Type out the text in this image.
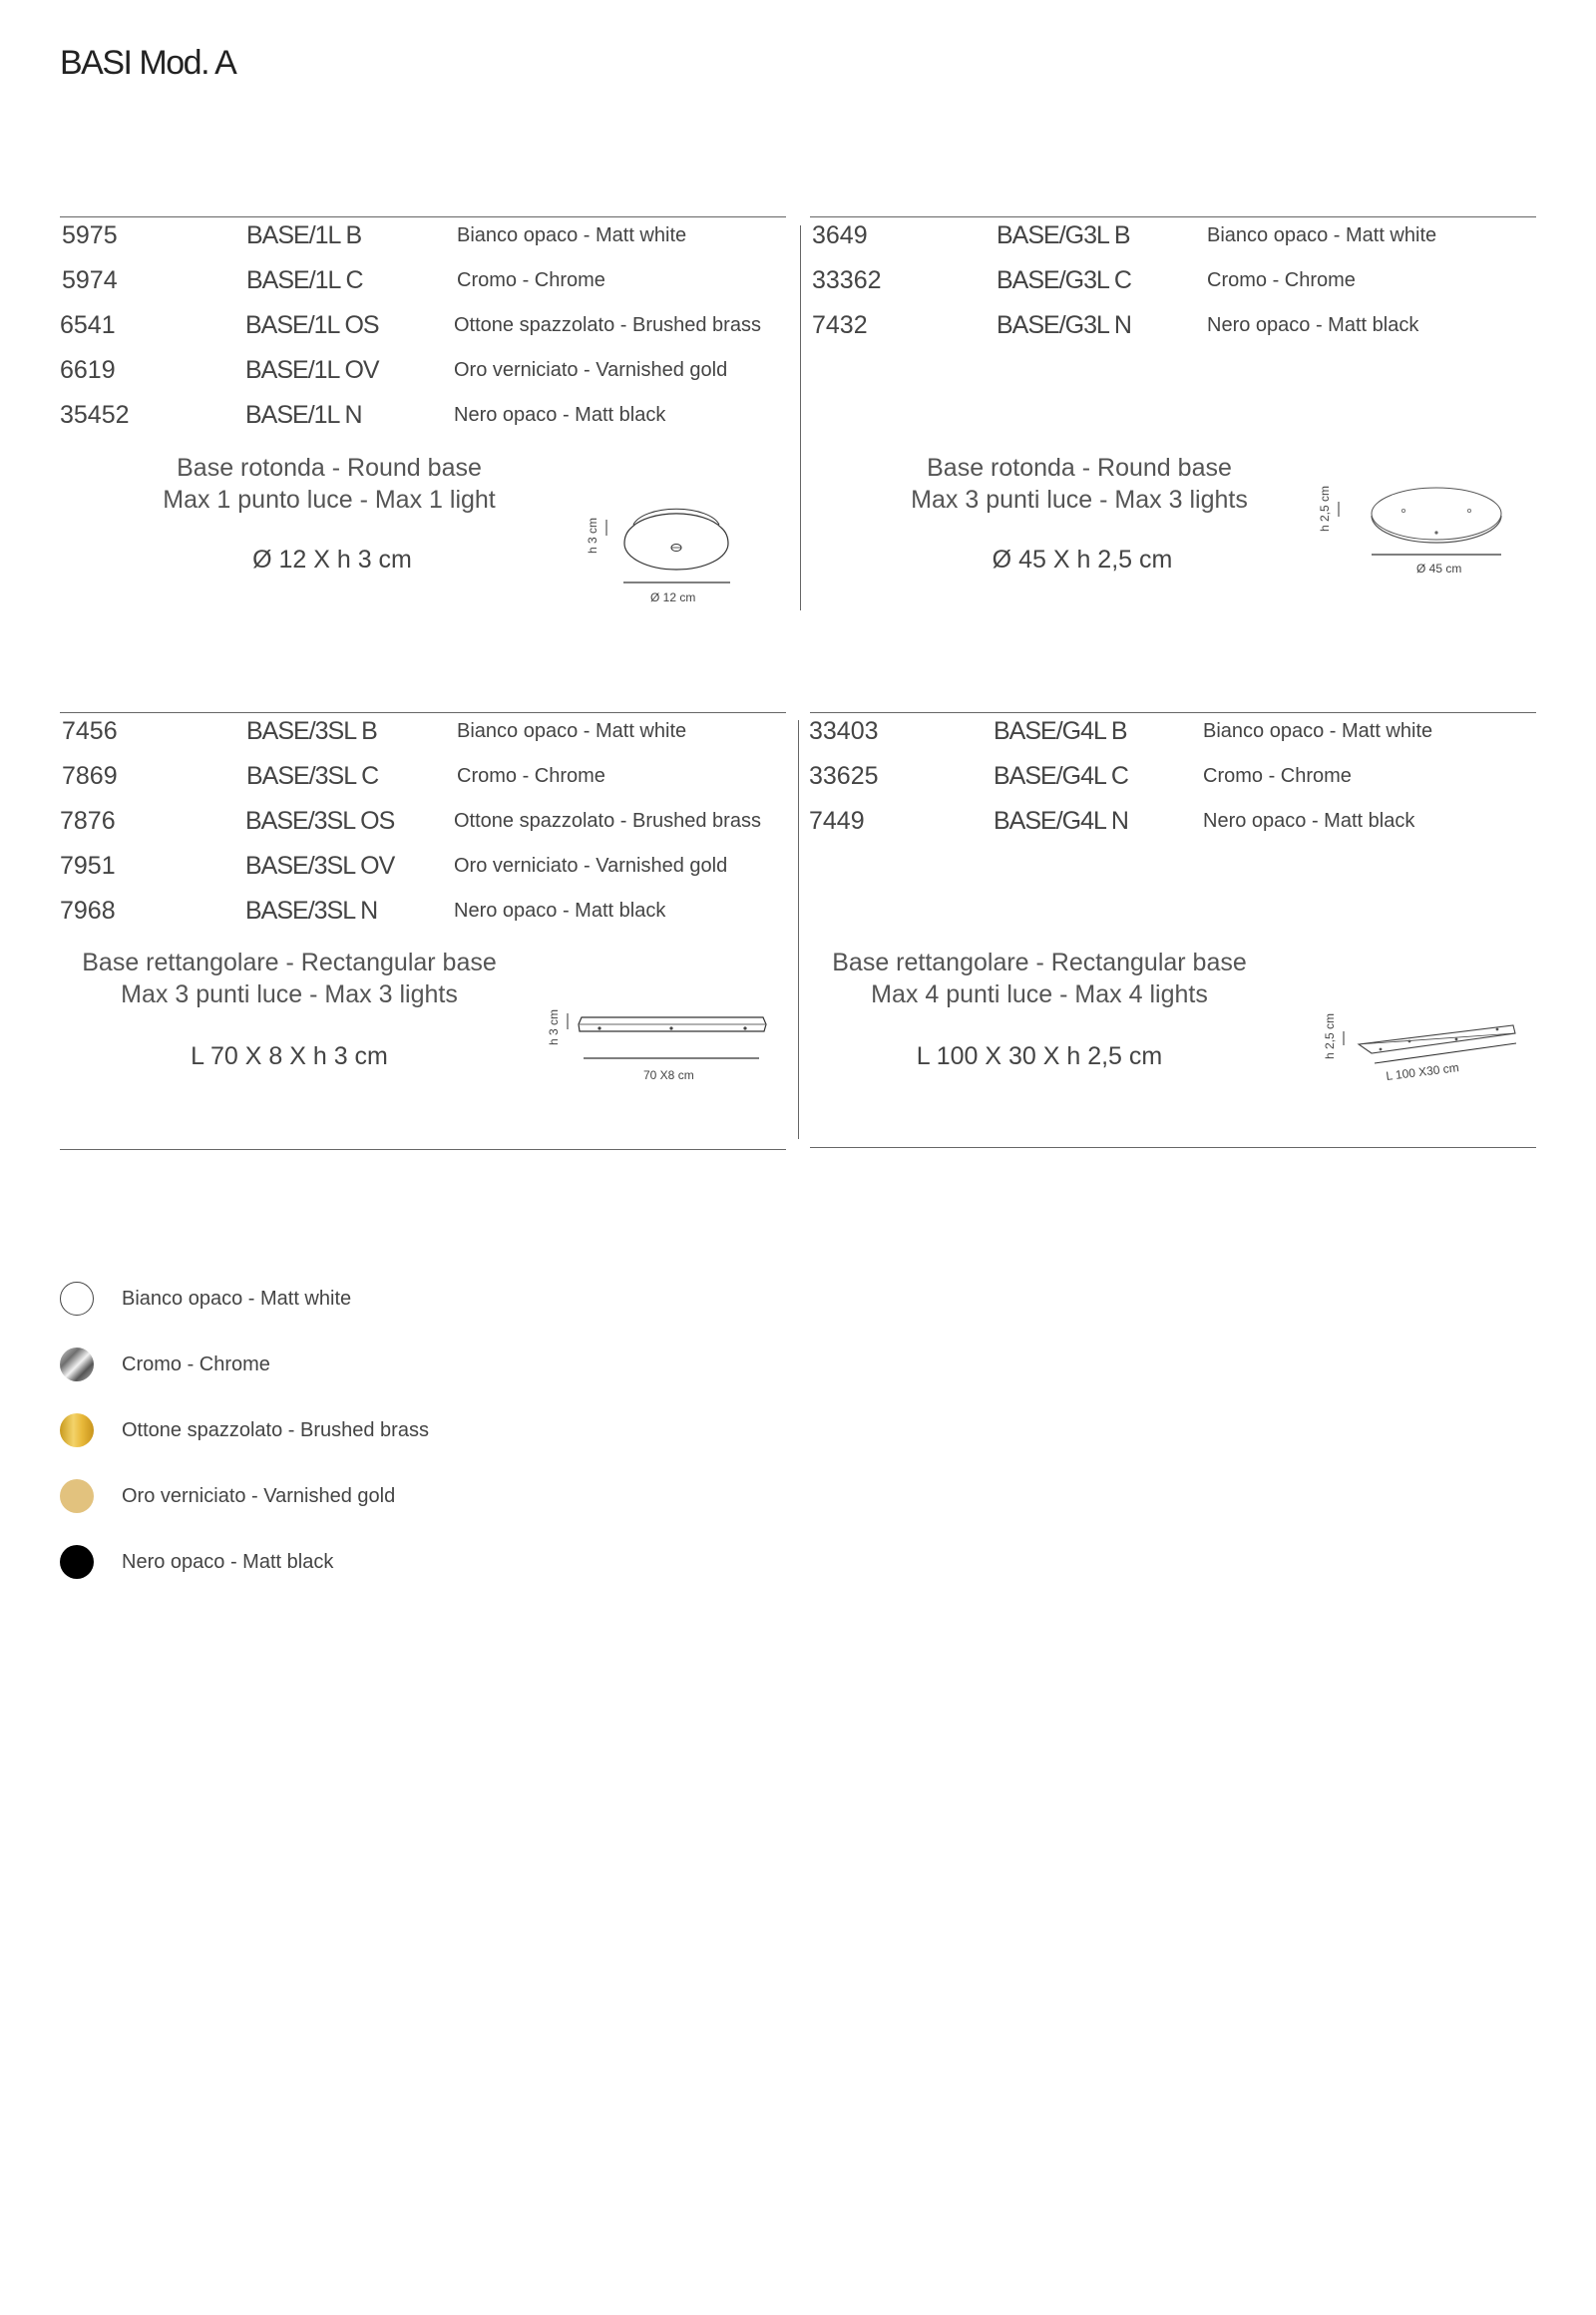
BASI Mod. A
5975	BASE/1L B	Bianco opaco - Matt white
5974	BASE/1L C	Cromo - Chrome
6541	BASE/1L OS	Ottone spazzolato - Brushed brass
6619	BASE/1L OV	Oro verniciato - Varnished gold
35452	BASE/1L N	Nero opaco - Matt black
Base rotonda - Round base
Max 1 punto luce - Max 1 light
Ø 12 X h 3 cm
h 3 cm
Ø 12 cm
3649	BASE/G3L B	Bianco opaco - Matt white
33362	BASE/G3L C	Cromo - Chrome
7432	BASE/G3L N	Nero opaco - Matt black
Base rotonda - Round base
Max 3 punti luce - Max 3 lights
Ø 45 X h 2,5 cm
h 2,5 cm
Ø 45 cm
7456	BASE/3SL B	Bianco opaco - Matt white
7869	BASE/3SL C	Cromo - Chrome
7876	BASE/3SL OS	Ottone spazzolato - Brushed brass
7951	BASE/3SL OV	Oro verniciato - Varnished gold
7968	BASE/3SL N	Nero opaco - Matt black
Base rettangolare - Rectangular base
Max 3 punti luce - Max 3 lights
L 70 X 8 X h 3 cm
h 3 cm
70 X8 cm
33403	BASE/G4L B	Bianco opaco - Matt white
33625	BASE/G4L C	Cromo - Chrome
7449	BASE/G4L N	Nero opaco - Matt black
Base rettangolare - Rectangular base
Max 4 punti luce - Max 4 lights
L 100 X 30 X h 2,5 cm	h 2,5 cm
L 100 X30 cm
Bianco opaco - Matt white
Cromo - Chrome
Ottone spazzolato - Brushed brass
Oro verniciato - Varnished gold
Nero opaco - Matt black
